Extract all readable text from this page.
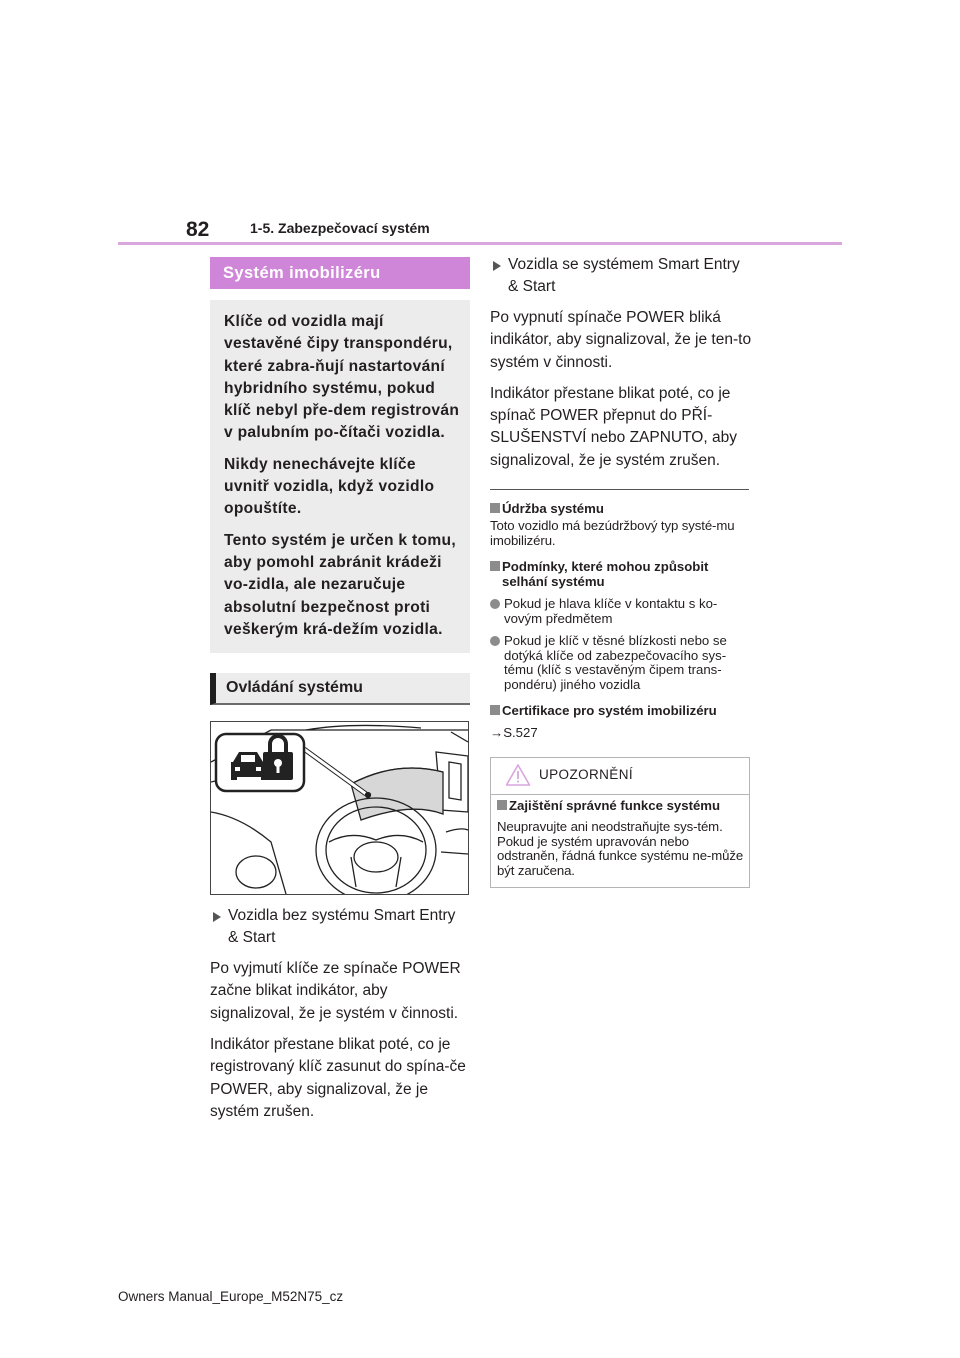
82	1-5. Zabezpečovací systém
Systém imobilizéru

Klíče od vozidla mají vestavěné čipy transpondéru, které zabra-ňují nastartování hybridního systému, pokud klíč nebyl pře-dem registrován v palubním po-čítači vozidla.

Nikdy nenechávejte klíče uvnitř vozidla, když vozidlo opouštíte.

Tento systém je určen k tomu, aby pomohl zabránit krádeži vo-zidla, ale nezaručuje absolutní bezpečnost proti veškerým krá-dežím vozidla.

Ovládání systému
Vozidla bez systému Smart Entry & Start

Po vyjmutí klíče ze spínače POWER začne blikat indikátor, aby signalizoval, že je systém v činnosti.

Indikátor přestane blikat poté, co je registrovaný klíč zasunut do spína-če POWER, aby signalizoval, že je systém zrušen.

Vozidla se systémem Smart Entry & Start

Po vypnutí spínače POWER bliká indikátor, aby signalizoval, že je ten-to systém v činnosti.

Indikátor přestane blikat poté, co je spínač POWER přepnut do PŘÍ-SLUŠENSTVÍ nebo ZAPNUTO, aby signalizoval, že je systém zrušen.

Údržba systému

Toto vozidlo má bezúdržbový typ systé-mu imobilizéru.

Podmínky, které mohou způsobit selhání systému
Pokud je hlava klíče v kontaktu s ko-vovým předmětem
Pokud je klíč v těsné blízkosti nebo se dotýká klíče od zabezpečovacího sys-tému (klíč s vestavěným čipem trans-pondéru) jiného vozidla
Certifikace pro systém imobilizéru

→S.527

UPOZORNĚNÍ
Zajištění správné funkce systému

Neupravujte ani neodstraňujte sys-tém. Pokud je systém upravován nebo odstraněn, řádná funkce systému ne-může být zaručena.

Owners Manual_Europe_M52N75_cz
